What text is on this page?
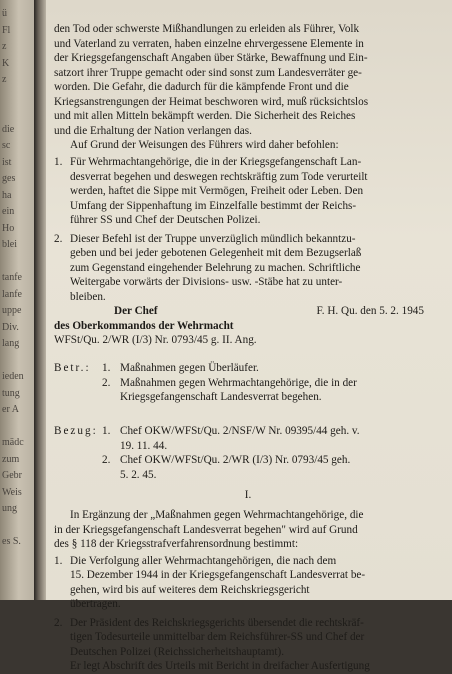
ü
Fl
z
K
z
die
sc
ist
ges
ha
ein
Ho
blei
tanfe
lanfe
uppe
Div.
lang
ieden
tung
er A
mädc
zum
Gebr
Weis
ung
es S.
den Tod oder schwerste Mißhandlungen zu erleiden als Führer, Volk
und Vaterland zu verraten, haben einzelne ehrvergessene Elemente in
der Kriegsgefangenschaft Angaben über Stärke, Bewaffnung und Ein-
satzort ihrer Truppe gemacht oder sind sonst zum Landesverräter ge-
worden. Die Gefahr, die dadurch für die kämpfende Front und die
Kriegsanstrengungen der Heimat beschworen wird, muß rücksichtslos
und mit allen Mitteln bekämpft werden. Die Sicherheit des Reiches
und die Erhaltung der Nation verlangen das.
Auf Grund der Weisungen des Führers wird daher befohlen:
1. Für Wehrmachtangehörige, die in der Kriegsgefangenschaft Lan-
desverrat begehen und deswegen rechtskräftig zum Tode verurteilt
werden, haftet die Sippe mit Vermögen, Freiheit oder Leben. Den
Umfang der Sippenhaftung im Einzelfalle bestimmt der Reichs-
führer SS und Chef der Deutschen Polizei.
2. Dieser Befehl ist der Truppe unverzüglich mündlich bekanntzu-
geben und bei jeder gebotenen Gelegenheit mit dem Bezugserlaß
zum Gegenstand eingehender Belehrung zu machen. Schriftliche
Weitergabe vorwärts der Divisions- usw. -Stäbe hat zu unter-
bleiben.
Der Chef	F. H. Qu. den 5. 2. 1945
des Oberkommandos der Wehrmacht
WFSt/Qu. 2/WR (I/3) Nr. 0793/45 g. II. Ang.
Betr.:	1. Maßnahmen gegen Überläufer.
2. Maßnahmen gegen Wehrmachtangehörige, die in der
Kriegsgefangenschaft Landesverrat begehen.
Bezug: 1. Chef OKW/WFSt/Qu. 2/NSF/W Nr. 09395/44 geh. v.
19. 11. 44.
2. Chef OKW/WFSt/Qu. 2/WR (I/3) Nr. 0793/45 geh.
5. 2. 45.
I.
In Ergänzung der „Maßnahmen gegen Wehrmachtangehörige, die
in der Kriegsgefangenschaft Landesverrat begehen" wird auf Grund
des § 118 der Kriegsstrafverfahrensordnung bestimmt:
1. Die Verfolgung aller Wehrmachtangehörigen, die nach dem
15. Dezember 1944 in der Kriegsgefangenschaft Landesverrat be-
gehen, wird bis auf weiteres dem Reichskriegsgericht
übertragen.
2. Der Präsident des Reichskriegsgerichts übersendet die rechtskräf-
tigen Todesurteile unmittelbar dem Reichsführer-SS und Chef der
Deutschen Polizei (Reichssicherheitshauptamt).
Er legt Abschrift des Urteils mit Bericht in dreifacher Ausfertigung
